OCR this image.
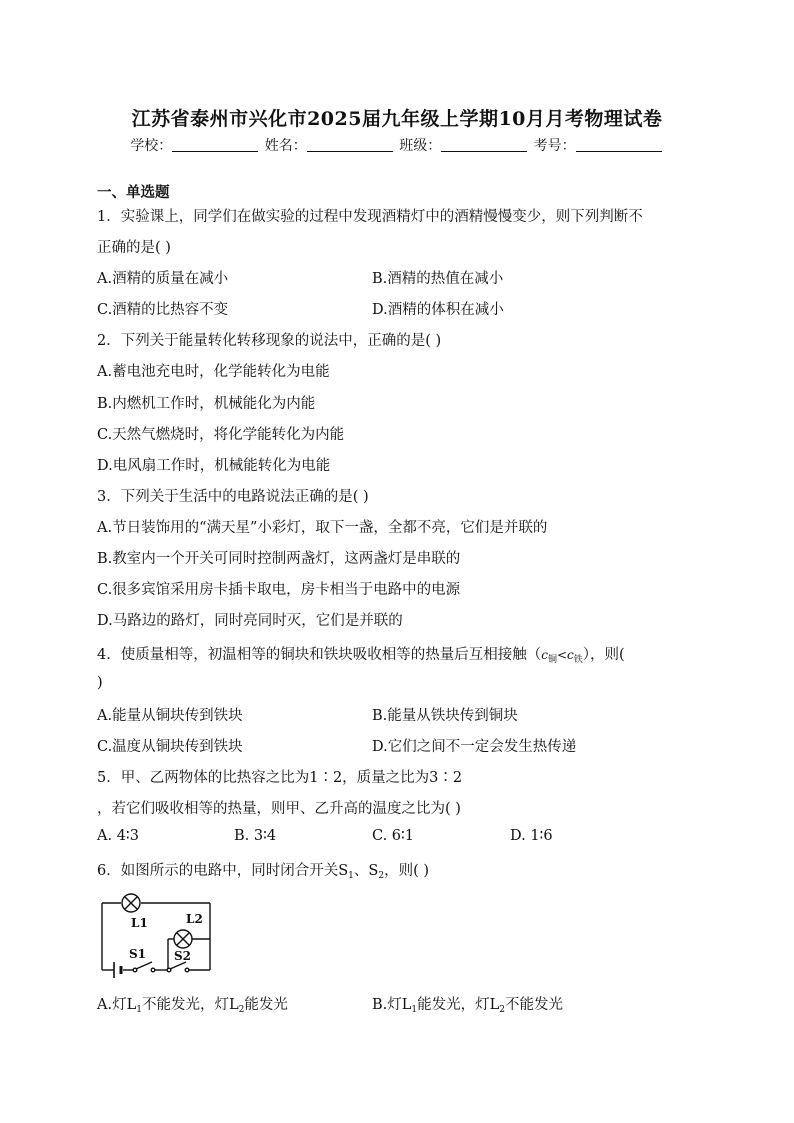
江苏省泰州市兴化市2025届九年级上学期10月月考物理试卷
学校：	姓名：	班级：	考号：
一、单选题
1．实验课上，同学们在做实验的过程中发现酒精灯中的酒精慢慢变少，则下列判断不
正确的是( )
A.酒精的质量在减小	B.酒精的热值在减小
C.酒精的比热容不变	D.酒精的体积在减小
2．下列关于能量转化转移现象的说法中，正确的是( )
A.蓄电池充电时，化学能转化为电能
B.内燃机工作时，机械能化为内能
C.天然气燃烧时，将化学能转化为内能
D.电风扇工作时，机械能转化为电能
3．下列关于生活中的电路说法正确的是( )
A.节日装饰用的“满天星”小彩灯，取下一盏，全都不亮，它们是并联的
B.教室内一个开关可同时控制两盏灯，这两盏灯是串联的
C.很多宾馆采用房卡插卡取电，房卡相当于电路中的电源
D.马路边的路灯，同时亮同时灭，它们是并联的
4．使质量相等，初温相等的铜块和铁块吸收相等的热量后互相接触$(c_铜<c_铁)$，则(
)
A.能量从铜块传到铁块	B.能量从铁块传到铜块
C.温度从铜块传到铁块	D.它们之间不一定会发生热传递
5．甲、乙两物体的比热容之比为1∶2，质量之比为3∶2
，若它们吸收相等的热量，则甲、乙升高的温度之比为( )
A. 4∶3	B. 3∶4	C. 6∶1	D. 1∶6
6．如图所示的电路中，同时闭合开关$S_1$、$S_2$，则( )
L1	L2
S1 S2
A.灯$L_1$不能发光，灯$L_2$能发光	B.灯$L_1$能发光，灯$L_2$不能发光
